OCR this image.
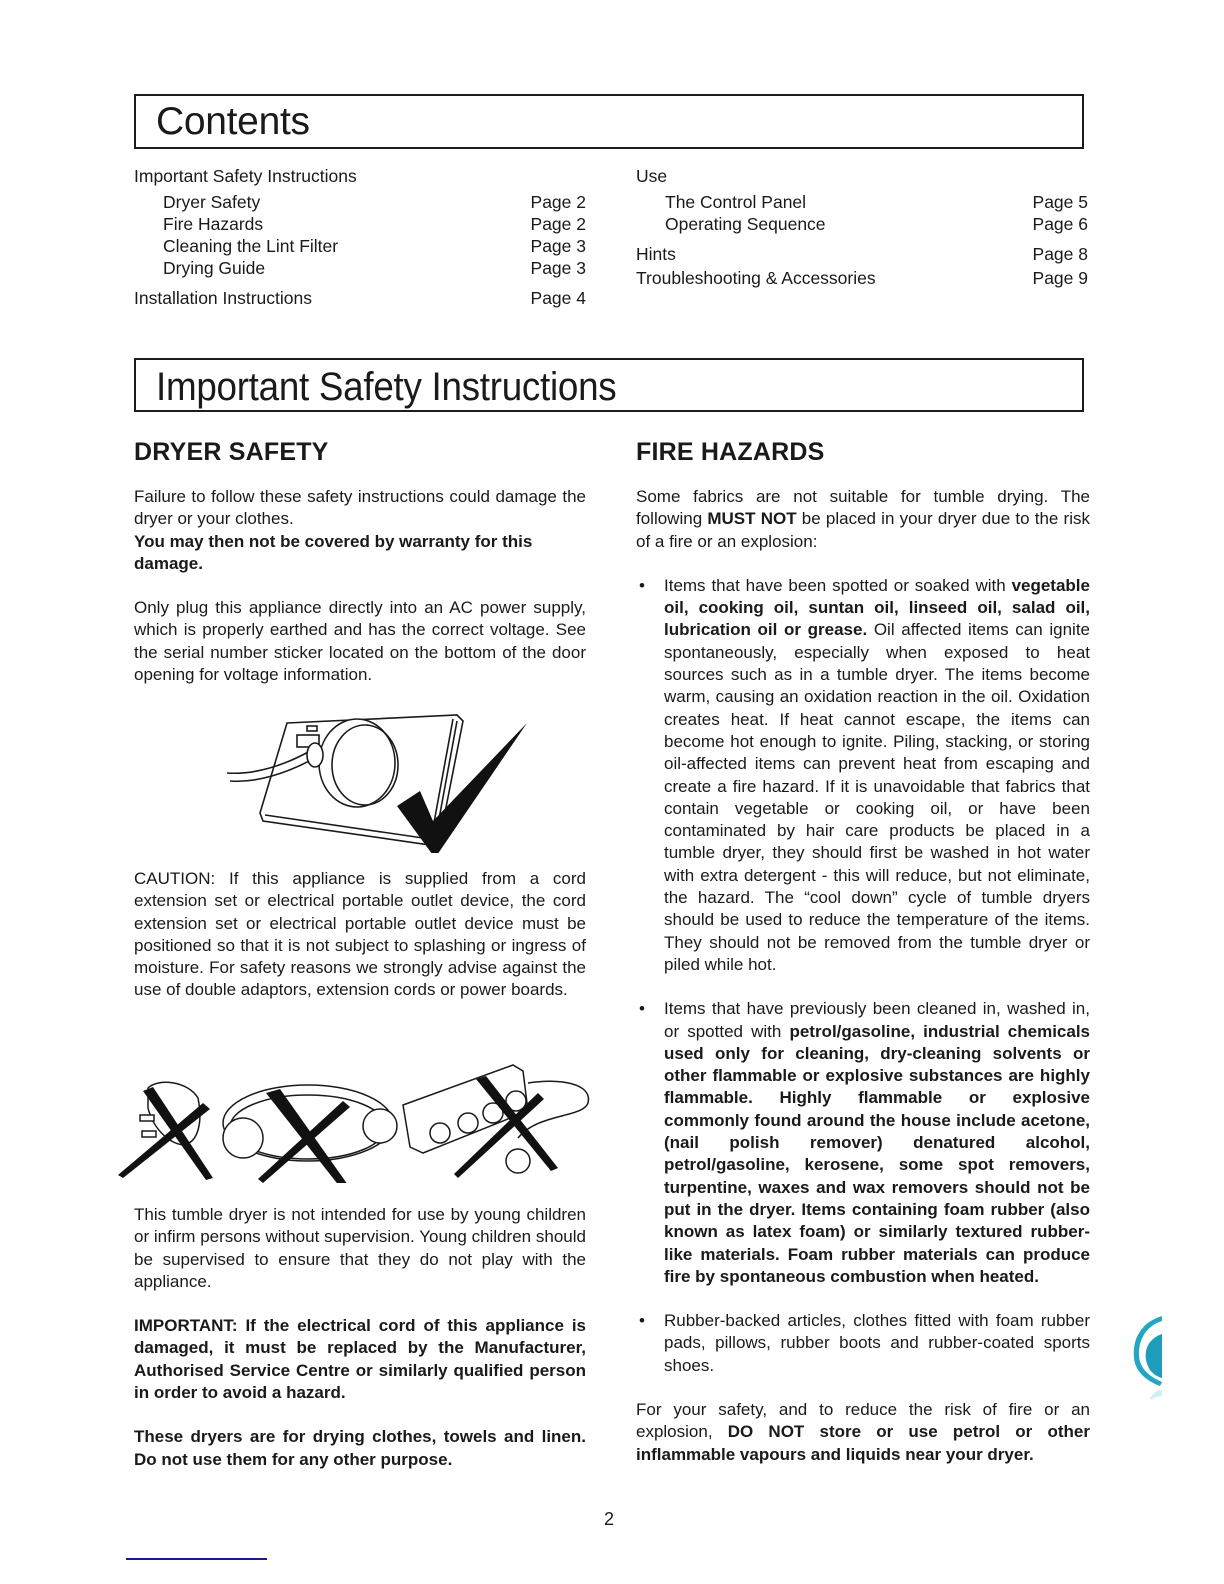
Contents
Important Safety Instructions
Dryer Safety	Page 2
Fire Hazards	Page 2
Cleaning the Lint Filter	Page 3
Drying Guide	Page 3
Installation Instructions	Page 4
Use
The Control Panel	Page 5
Operating Sequence	Page 6
Hints	Page 8
Troubleshooting & Accessories	Page 9
Important Safety Instructions
DRYER SAFETY	FIRE HAZARDS

Failure to follow these safety instructions could damage the dryer or your clothes.

You may then not be covered by warranty for this damage.

Only plug this appliance directly into an AC power supply, which is properly earthed and has the correct voltage. See the serial number sticker located on the bottom of the door opening for voltage information.

CAUTION: If this appliance is supplied from a cord extension set or electrical portable outlet device, the cord extension set or electrical portable outlet device must be positioned so that it is not subject to splashing or ingress of moisture. For safety reasons we strongly advise against the use of double adaptors, extension cords or power boards.

This tumble dryer is not intended for use by young children or infirm persons without supervision. Young children should be supervised to ensure that they do not play with the appliance.

IMPORTANT: If the electrical cord of this appliance is damaged, it must be replaced by the Manufacturer, Authorised Service Centre or similarly qualified person in order to avoid a hazard.

These dryers are for drying clothes, towels and linen. Do not use them for any other purpose.

Some fabrics are not suitable for tumble drying. The following MUST NOT be placed in your dryer due to the risk of a fire or an explosion:

• Items that have been spotted or soaked with vegetable oil, cooking oil, suntan oil, linseed oil, salad oil, lubrication oil or grease. Oil affected items can ignite spontaneously, especially when exposed to heat sources such as in a tumble dryer. The items become warm, causing an oxidation reaction in the oil. Oxidation creates heat. If heat cannot escape, the items can become hot enough to ignite. Piling, stacking, or storing oil-affected items can prevent heat from escaping and create a fire hazard. If it is unavoidable that fabrics that contain vegetable or cooking oil, or have been contaminated by hair care products be placed in a tumble dryer, they should first be washed in hot water with extra detergent - this will reduce, but not eliminate, the hazard. The “cool down” cycle of tumble dryers should be used to reduce the temperature of the items. They should not be removed from the tumble dryer or piled while hot.

• Items that have previously been cleaned in, washed in, or spotted with petrol/gasoline, industrial chemicals used only for cleaning, dry-cleaning solvents or other flammable or explosive substances are highly flammable. Highly flammable or explosive commonly found around the house include acetone, (nail polish remover) denatured alcohol, petrol/gasoline, kerosene, some spot removers, turpentine, waxes and wax removers should not be put in the dryer. Items containing foam rubber (also known as latex foam) or similarly textured rubber-like materials. Foam rubber materials can produce fire by spontaneous combustion when heated.

• Rubber-backed articles, clothes fitted with foam rubber pads, pillows, rubber boots and rubber-coated sports shoes.

For your safety, and to reduce the risk of fire or an explosion, DO NOT store or use petrol or other inflammable vapours and liquids near your dryer.

2
